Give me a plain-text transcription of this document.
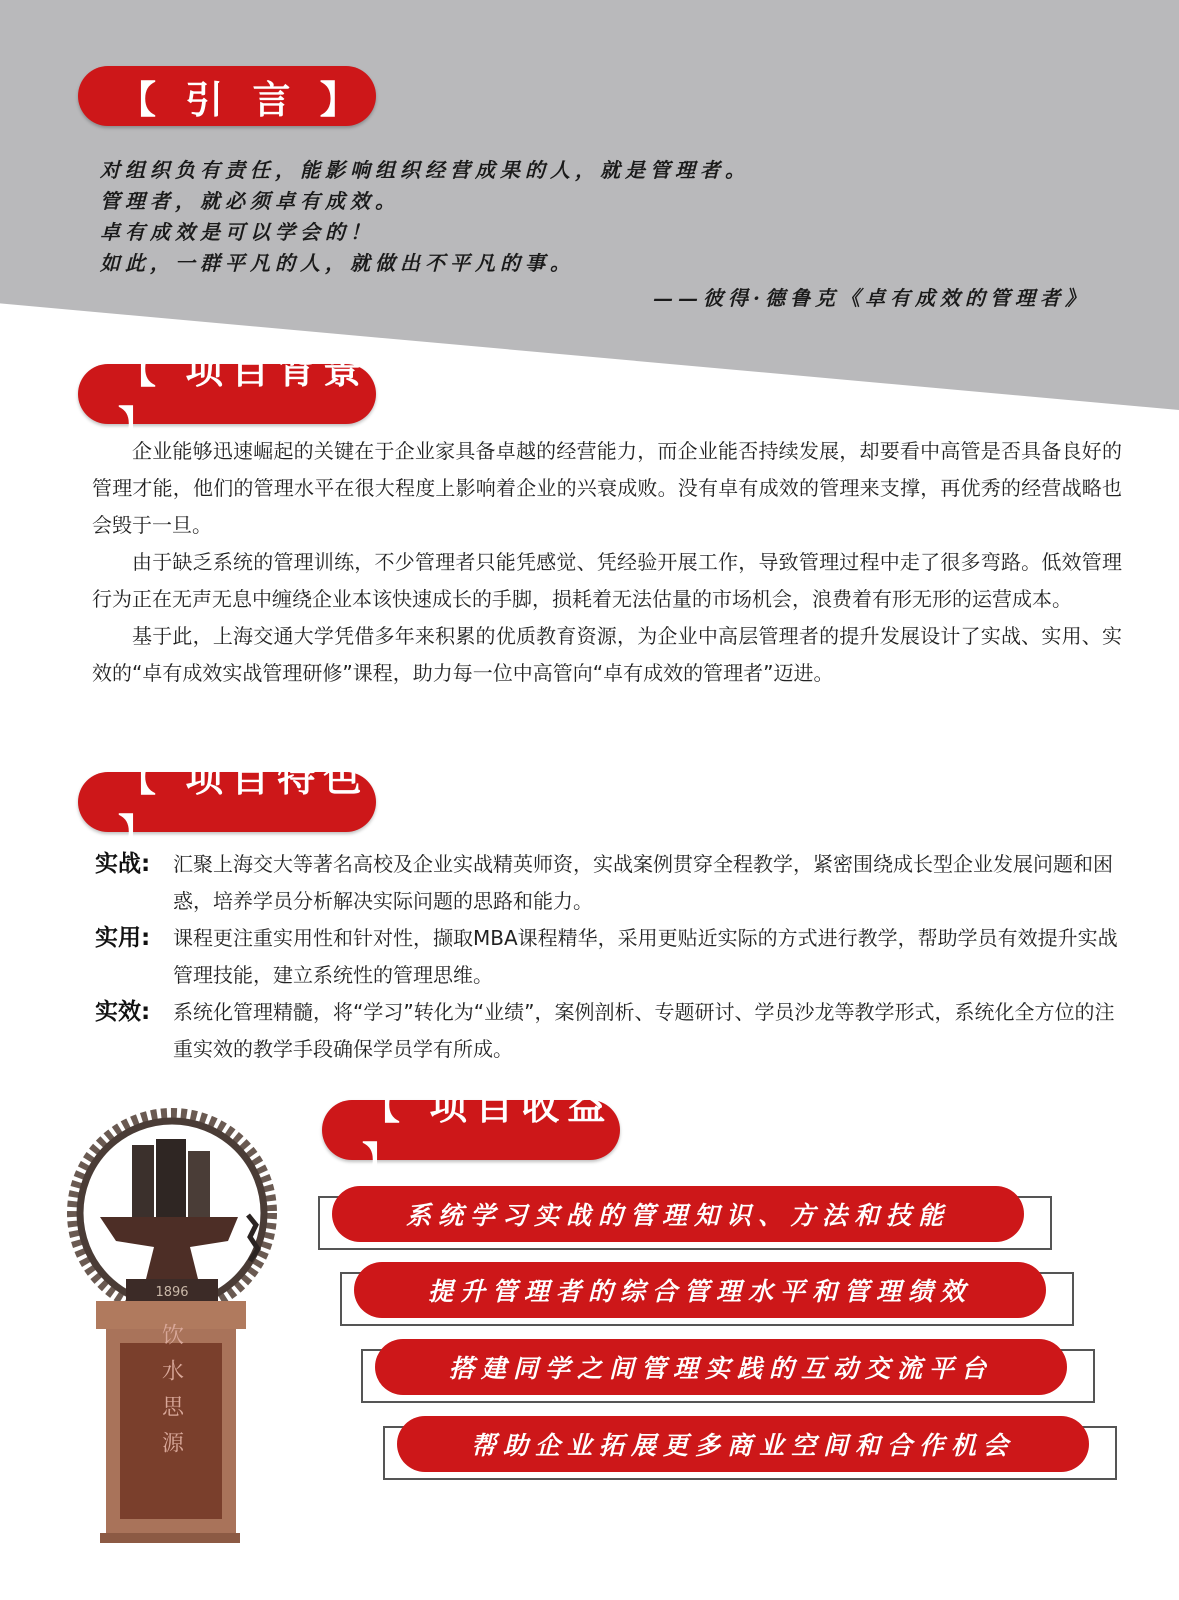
【 引 言 】
对组织负有责任，能影响组织经营成果的人，就是管理者。
管理者，就必须卓有成效。
卓有成效是可以学会的！
如此，一群平凡的人，就做出不平凡的事。
——彼得·德鲁克《卓有成效的管理者》
【 项目背景 】

企业能够迅速崛起的关键在于企业家具备卓越的经营能力，而企业能否持续发展，却要看中高管是否具备良好的管理才能，他们的管理水平在很大程度上影响着企业的兴衰成败。没有卓有成效的管理来支撑，再优秀的经营战略也会毁于一旦。

由于缺乏系统的管理训练，不少管理者只能凭感觉、凭经验开展工作，导致管理过程中走了很多弯路。低效管理行为正在无声无息中缠绕企业本该快速成长的手脚，损耗着无法估量的市场机会，浪费着有形无形的运营成本。

基于此，上海交通大学凭借多年来积累的优质教育资源，为企业中高层管理者的提升发展设计了实战、实用、实效的“卓有成效实战管理研修”课程，助力每一位中高管向“卓有成效的管理者”迈进。

【 项目特色 】
实战:	汇聚上海交大等著名高校及企业实战精英师资，实战案例贯穿全程教学，紧密围绕成长型企业发展问题和困惑，培养学员分析解决实际问题的思路和能力。
实用:	课程更注重实用性和针对性，撷取MBA课程精华，采用更贴近实际的方式进行教学，帮助学员有效提升实战管理技能，建立系统性的管理思维。
实效:	系统化管理精髓，将“学习”转化为“业绩”，案例剖析、专题研讨、学员沙龙等教学形式，系统化全方位的注重实效的教学手段确保学员学有所成。
1896
饮水思源
【 项目收益 】
系统学习实战的管理知识、方法和技能
提升管理者的综合管理水平和管理绩效
搭建同学之间管理实践的互动交流平台
帮助企业拓展更多商业空间和合作机会
